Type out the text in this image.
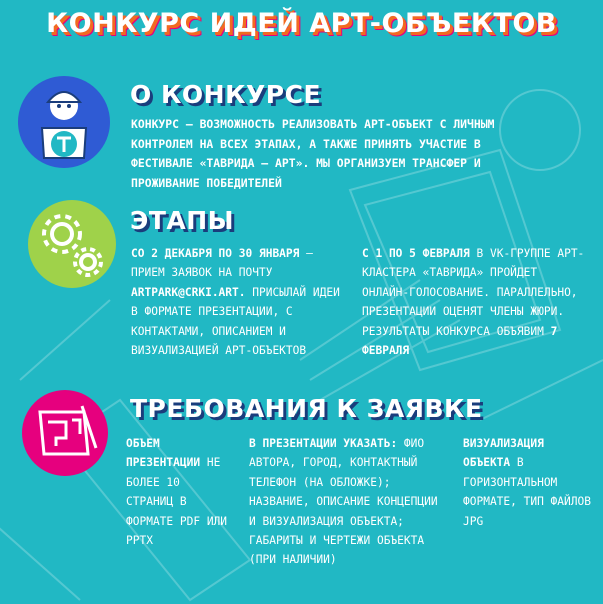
КОНКУРС ИДЕЙ АРТ-ОБЪЕКТОВ
О КОНКУРСЕ
КОНКУРС – ВОЗМОЖНОСТЬ РЕАЛИЗОВАТЬ АРТ-ОБЪЕКТ С ЛИЧНЫМ КОНТРОЛЕМ НА ВСЕХ ЭТАПАХ, А ТАКЖЕ ПРИНЯТЬ УЧАСТИЕ В ФЕСТИВАЛЕ «ТАВРИДА – АРТ». МЫ ОРГАНИЗУЕМ ТРАНСФЕР И ПРОЖИВАНИЕ ПОБЕДИТЕЛЕЙ
ЭТАПЫ
СО 2 ДЕКАБРЯ ПО 30 ЯНВАРЯ – ПРИЕМ ЗАЯВОК НА ПОЧТУ ARTPARK@CRKI.ART. ПРИСЫЛАЙ ИДЕИ В ФОРМАТЕ ПРЕЗЕНТАЦИИ, С КОНТАКТАМИ, ОПИСАНИЕМ И ВИЗУАЛИЗАЦИЕЙ АРТ-ОБЪЕКТОВ
С 1 ПО 5 ФЕВРАЛЯ В VK-ГРУППЕ АРТ-КЛАСТЕРА «ТАВРИДА» ПРОЙДЕТ ОНЛАЙН-ГОЛОСОВАНИЕ. ПАРАЛЛЕЛЬНО, ПРЕЗЕНТАЦИИ ОЦЕНЯТ ЧЛЕНЫ ЖЮРИ. РЕЗУЛЬТАТЫ КОНКУРСА ОБЪЯВИМ 7 ФЕВРАЛЯ
ТРЕБОВАНИЯ К ЗАЯВКЕ
ОБЪЕМ ПРЕЗЕНТАЦИИ НЕ БОЛЕЕ 10 СТРАНИЦ В ФОРМАТЕ PDF ИЛИ PPTX
В ПРЕЗЕНТАЦИИ УКАЗАТЬ: ФИО АВТОРА, ГОРОД, КОНТАКТНЫЙ ТЕЛЕФОН (НА ОБЛОЖКЕ); НАЗВАНИЕ, ОПИСАНИЕ КОНЦЕПЦИИ И ВИЗУАЛИЗАЦИЯ ОБЪЕКТА; ГАБАРИТЫ И ЧЕРТЕЖИ ОБЪЕКТА (ПРИ НАЛИЧИИ)
ВИЗУАЛИЗАЦИЯ ОБЪЕКТА В ГОРИЗОНТАЛЬНОМ ФОРМАТЕ, ТИП ФАЙЛОВ JPG
